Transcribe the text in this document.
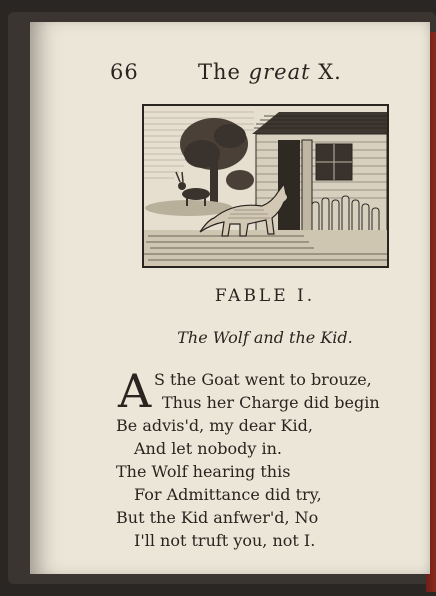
66	The great X.
FABLE I.
The Wolf and the Kid.
A S the Goat went to brouze,
Thus her Charge did begin
Be advis'd, my dear Kid,
And let nobody in.
The Wolf hearing this
For Admittance did try,
But the Kid anfwer'd, No
I'll not truft you, not I.
